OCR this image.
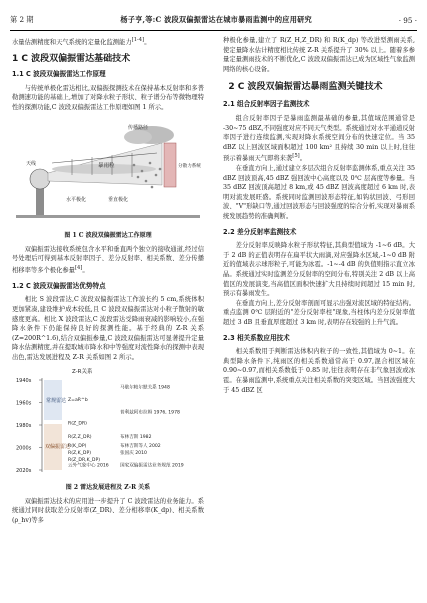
第 2 期	杨子亨,等:C 波段双偏振雷达在城市暴雨监测中的应用研究	· 95 ·

水量估测精度和天气系统的定量化监测能力[1-4]。

1 C 波段双偏振雷达基础技术
1.1 C 波段双偏振雷达工作原理

与传统单极化雷达相比,双偏振探测技术在保持基本反射率和多普勒测速功能的基础上,增加了对降水粒子形状、粒子谱分布等微物理特性的探测功能,C 波段双偏振雷达工作原理如图 1 所示。

传播路径
暴雨粒
天线
水平极化	垂直极化
分散力系统
图 1 C 波段双偏振雷达工作原理

双偏振雷达接收系统包含水平和垂直两个独立的接收通道,经过信号处理后可得到基本反射率因子、差分反射率、相关系数、差分传播相移率等多个极化参量[4]。

1.2 C 波段双偏振雷达优势特点

相比 S 波段雷达,C 波段双偏振雷达工作波长约 5 cm,系统体积更加紧凑,建设维护成本较低,且 C 波段双偏振雷达对小粒子散射的敏感度更高。相比 X 波段雷达,C 波段雷达受降雨衰减的影响较小,在强降水条件下仍能保持良好的探测性能。基于经典的 Z-R 关系(Z=200R^1.6),结合双偏振参量,C 波段双偏振雷达可显著提升定量降水估测精度,并在提取城市降水和中等强度对流性降水的探测中表现出色,雷达发展进程及 Z-R 关系如图 2 所示。

Z-R关系
常规雷达
双偏振雷达
1940s
1960s
1980s
2000s
2020s
马歇尔帕尔默关系 1948
Z=aR^b
普利兹阿布拉姆 1976, 1978
R(Z_DR)
R(Z,Z_DR)	布林吉斯 1982
R(K_DP)	布林吉斯等人 2002
R(Z,K_DP)	张国庆 2010
R(Z_DR,K_DP)
云外气象中心 2016 国家双偏振雷达业务规范 2019
图 2 雷达发展进程及 Z-R 关系

双偏振雷达技术的应用进一步提升了 C 波段雷达的业务能力。系统通过同时获取差分反射率(Z_DR)、差分相移率(K_dp)、相关系数(ρ_hv)等多

种极化参量,建立了 R(Z_H,Z_DR) 和 R(K_dp) 等改进型测雨关系,使定量降水估计精度相比传统 Z-R 关系提升了 30% 以上。随着多参量定量测雨技术的不断优化,C 波段双偏振雷达已成为区域性气象监测网络的核心设备。

2 C 波段双偏振雷达暴雨监测关键技术
2.1 组合反射率因子监测技术

组合反射率因子是暴雨监测最基础的参量,其值域范围通常是 -30~75 dBZ,不同强度对应不同天气类型。系统通过对水平通道反射率因子进行连续监测,实现对降水系统空间分布的快速定位。当 35 dBZ 以上回波区域面积超过 100 km² 且持续 30 min 以上时,往往预示着暴雨天气即将来袭[5]。

在垂直方向上,通过建立多层次组合反射率监测体系,重点关注 35 dBZ 回波顶高,45 dBZ 强回波中心高度以及 0℃ 层高度等参量。当 35 dBZ 回波顶高超过 8 km,或 45 dBZ 回波高度超过 6 km 时,表明对流发展旺盛。系统同时监测回波形态特征,如钩状回波、弓形回波、"V"形缺口等,通过回波形态与回波强度的综合分析,实现对暴雨系统发展趋势的准确判断。

2.2 差分反射率监测技术

差分反射率反映降水粒子形状特征,其典型值域为 -1~6 dB。大于 2 dB 的正值表明存在扁平状大雨滴,对应强降水区域,-1~0 dB 附近的值域表示球形粒子,可能为冰雹。-1~-4 dB 的负值则指示直立冰晶。系统通过实时监测差分反射率的空间分布,特别关注 2 dB 以上高值区的发展演变,当高值区面积快速扩大且持续时间超过 15 min 时,预示有暴雨发生。

在垂直方向上,差分反射率剖面可显示出强对流区域的特征结构。重点监测 0℃ 层附近的"差分反射率柱"现象,当柱体内差分反射率值超过 3 dB 且垂直厚度超过 3 km 时,表明存在较强的上升气流。

2.3 相关系数应用技术

相关系数用于判断雷达体积内粒子的一致性,其值域为 0~1。在典型降水条件下,纯雨区的相关系数通常高于 0.97,混合相区域在 0.90~0.97,而相关系数低于 0.85 时,往往表明存在非气象回波或冰雹。在暴雨监测中,系统重点关注相关系数的突变区域。当回波强度大于 45 dBZ 区
